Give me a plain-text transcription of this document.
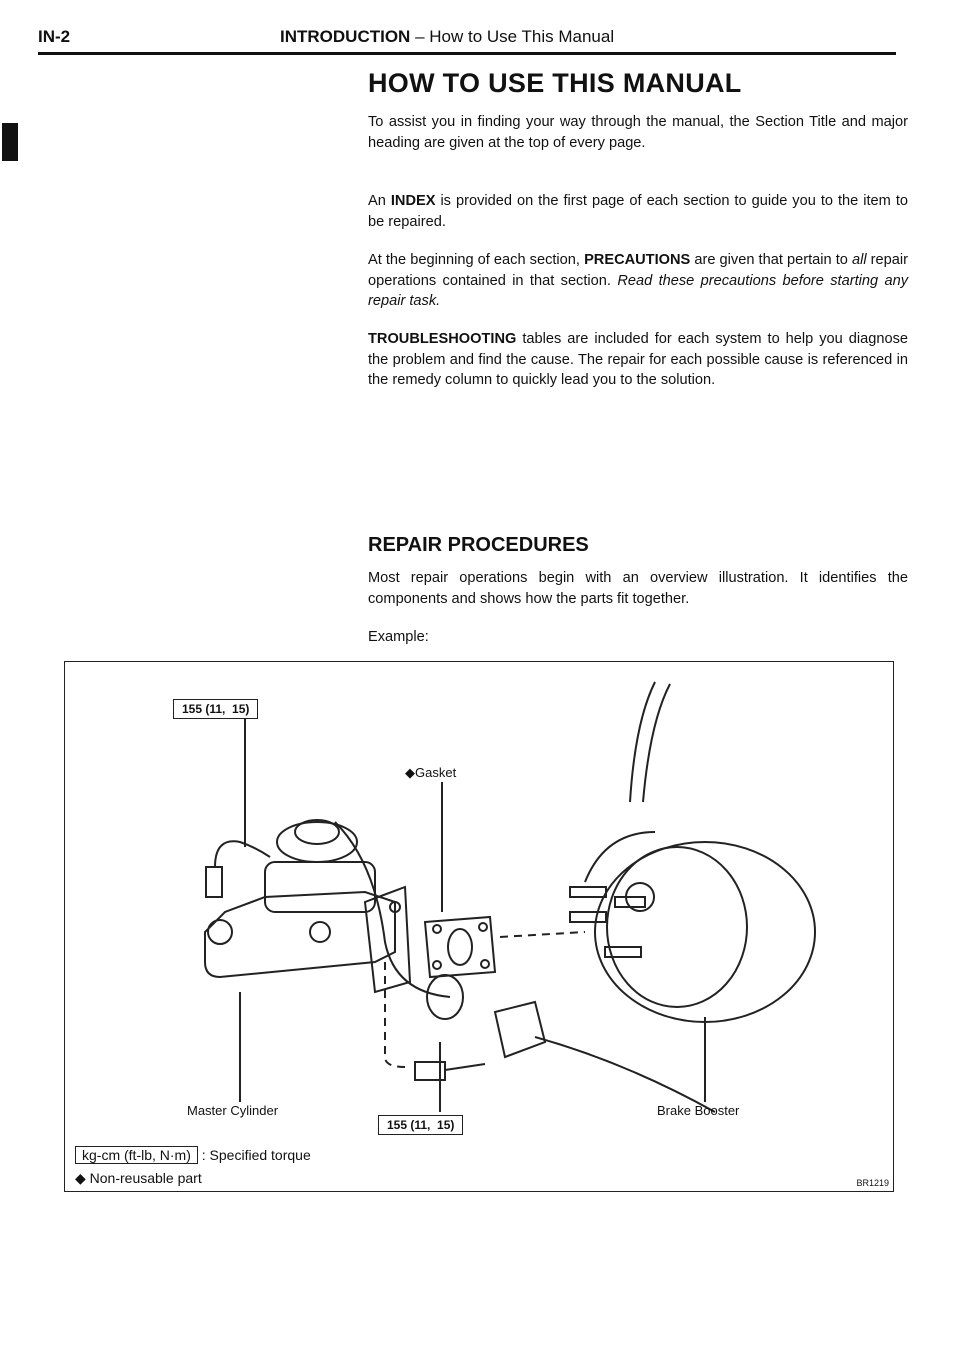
IN-2	INTRODUCTION – How to Use This Manual
HOW TO USE THIS MANUAL

To assist you in finding your way through the manual, the Section Title and major heading are given at the top of every page.

An INDEX is provided on the first page of each section to guide you to the item to be repaired.

At the beginning of each section, PRECAUTIONS are given that pertain to all repair operations contained in that section. Read these precautions before starting any repair task.

TROUBLESHOOTING tables are included for each system to help you diagnose the problem and find the cause. The repair for each possible cause is referenced in the remedy column to quickly lead you to the solution.

REPAIR PROCEDURES

Most repair operations begin with an overview illustration. It identifies the components and shows how the parts fit together.

Example:

155 (11,  15)
◆Gasket
Master Cylinder	Brake Booster
155 (11,  15)
kg-cm (ft-lb, N·m) : Specified torque
◆ Non-reusable part	BR1219
